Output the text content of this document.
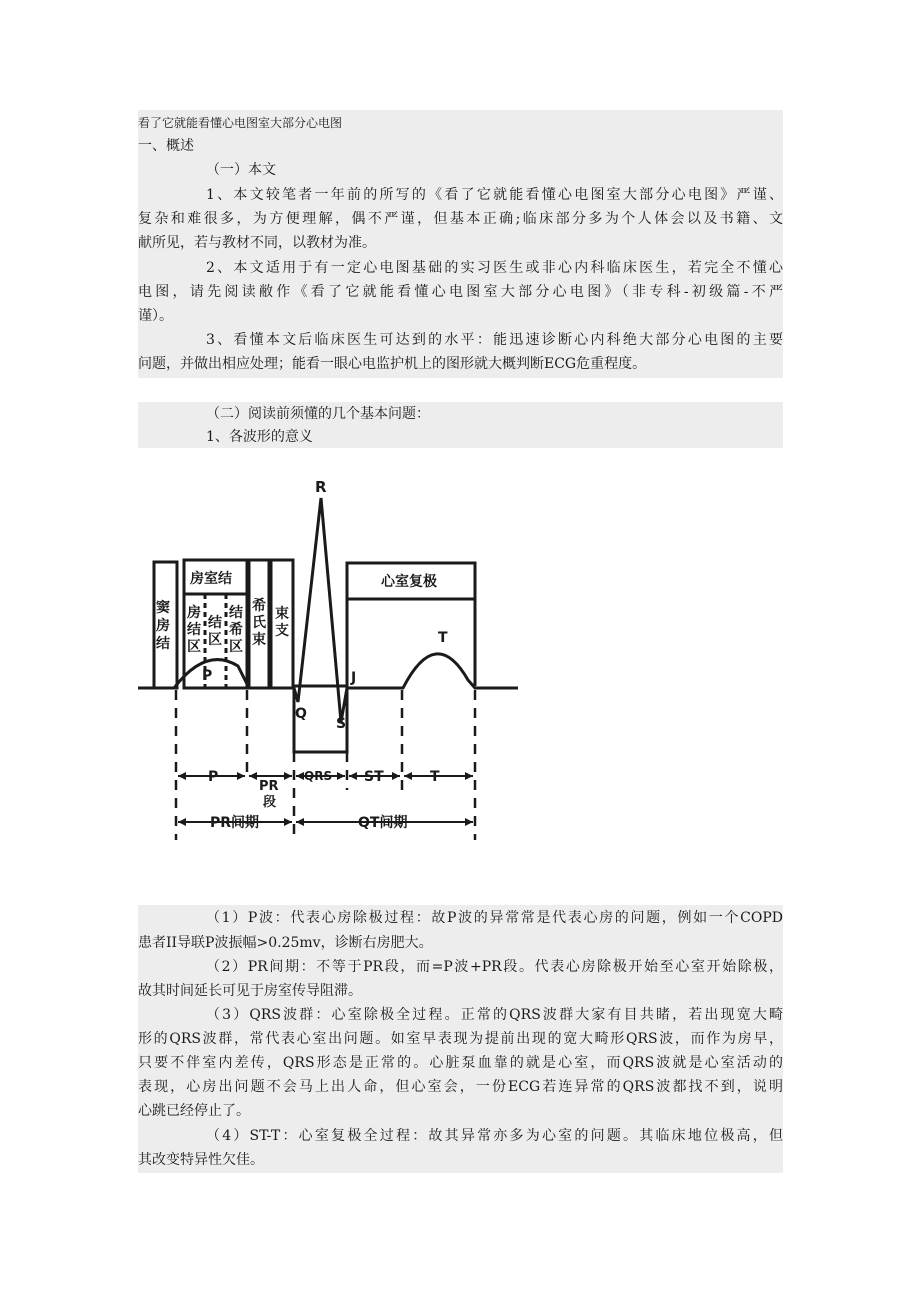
看了它就能看懂心电图室大部分心电图
一、概述
（一）本文
1、本文较笔者一年前的所写的《看了它就能看懂心电图室大部分心电图》严谨、
复杂和难很多，为方便理解，偶不严谨，但基本正确;临床部分多为个人体会以及书籍、文
献所见，若与教材不同，以教材为准。
2、本文适用于有一定心电图基础的实习医生或非心内科临床医生，若完全不懂心
电图，请先阅读敝作《看了它就能看懂心电图室大部分心电图》（非专科-初级篇-不严
谨）。
3、看懂本文后临床医生可达到的水平：能迅速诊断心内科绝大部分心电图的主要
问题，并做出相应处理；能看一眼心电监护机上的图形就大概判断ECG危重程度。
（二）阅读前须懂的几个基本问题：
1、各波形的意义
窦
房
结
房室结
房
结
区
结
区
结
希
区
希
氏
束
束
支
心室复极
R
P
Q
S
J
T
P
PR
段
QRS ST	T
PR间期	QT间期
（1）P波：代表心房除极过程：故P波的异常常是代表心房的问题，例如一个COPD
患者II导联P波振幅>0.25mv，诊断右房肥大。
（2）PR间期：不等于PR段，而=P波+PR段。代表心房除极开始至心室开始除极，
故其时间延长可见于房室传导阻滞。
（3）QRS波群：心室除极全过程。正常的QRS波群大家有目共睹，若出现宽大畸
形的QRS波群，常代表心室出问题。如室早表现为提前出现的宽大畸形QRS波，而作为房早，
只要不伴室内差传，QRS形态是正常的。心脏泵血靠的就是心室，而QRS波就是心室活动的
表现，心房出问题不会马上出人命，但心室会，一份ECG若连异常的QRS波都找不到，说明
心跳已经停止了。
（4）ST-T：心室复极全过程：故其异常亦多为心室的问题。其临床地位极高，但
其改变特异性欠佳。
